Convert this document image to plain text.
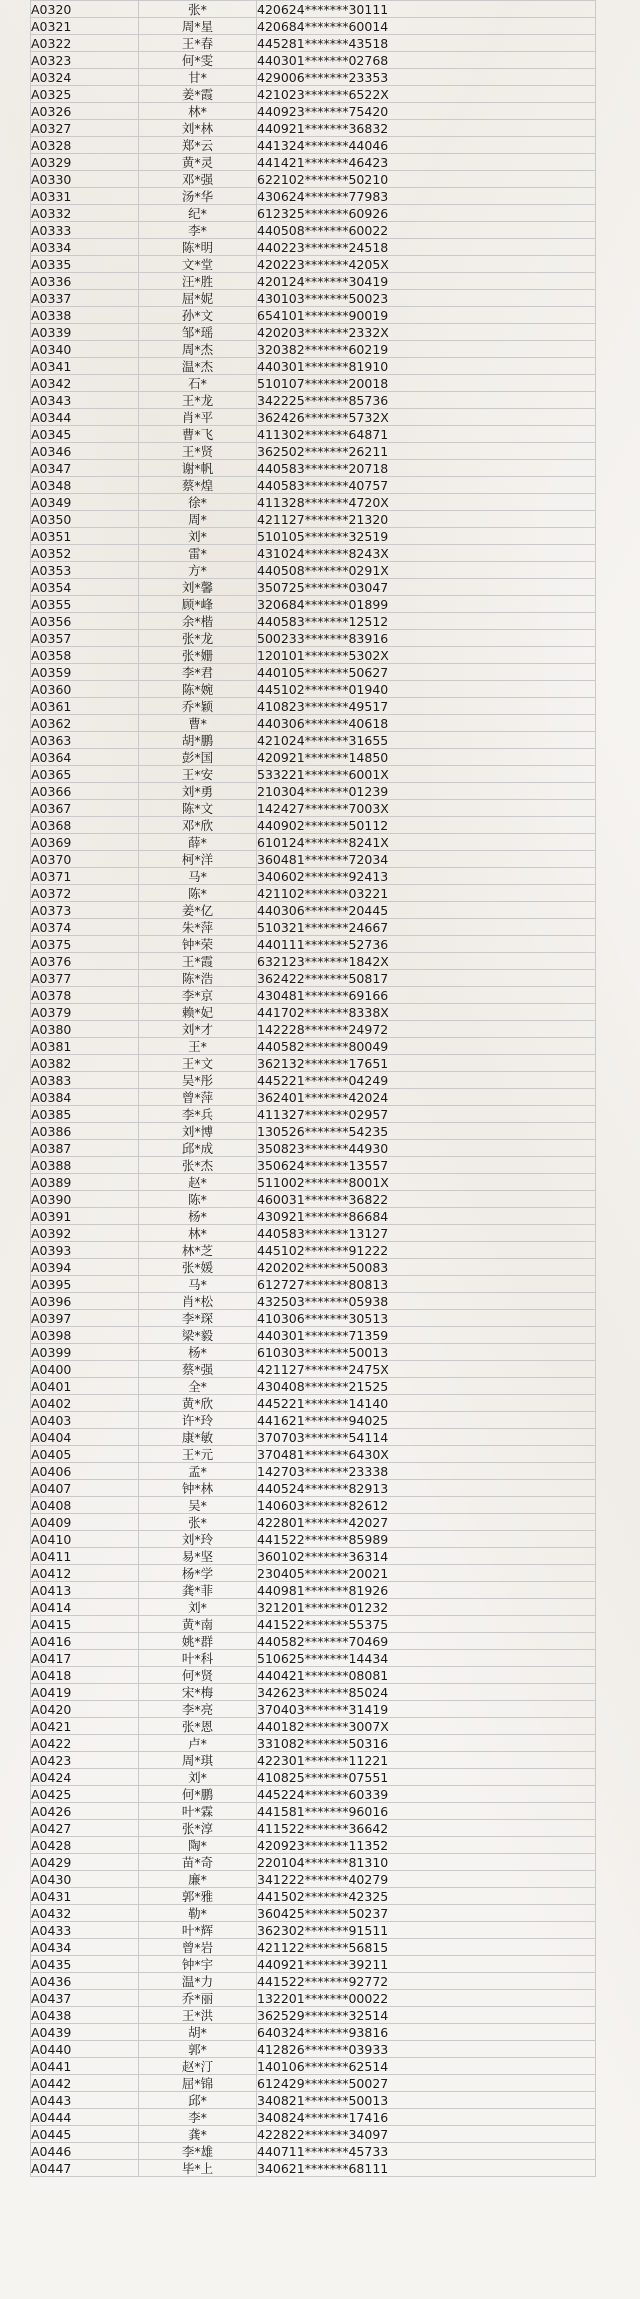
A0320	张*	420624*******30111
A0321	周*星	420684*******60014
A0322	王*春	445281*******43518
A0323	何*雯	440301*******02768
A0324	甘*	429006*******23353
A0325	姜*霞	421023*******6522X
A0326	林*	440923*******75420
A0327	刘*林	440921*******36832
A0328	郑*云	441324*******44046
A0329	黄*灵	441421*******46423
A0330	邓*强	622102*******50210
A0331	汤*华	430624*******77983
A0332	纪*	612325*******60926
A0333	李*	440508*******60022
A0334	陈*明	440223*******24518
A0335	文*堂	420223*******4205X
A0336	汪*胜	420124*******30419
A0337	屈*妮	430103*******50023
A0338	孙*文	654101*******90019
A0339	邹*瑶	420203*******2332X
A0340	周*杰	320382*******60219
A0341	温*杰	440301*******81910
A0342	石*	510107*******20018
A0343	王*龙	342225*******85736
A0344	肖*平	362426*******5732X
A0345	曹*飞	411302*******64871
A0346	王*贤	362502*******26211
A0347	谢*帆	440583*******20718
A0348	蔡*煌	440583*******40757
A0349	徐*	411328*******4720X
A0350	周*	421127*******21320
A0351	刘*	510105*******32519
A0352	雷*	431024*******8243X
A0353	方*	440508*******0291X
A0354	刘*馨	350725*******03047
A0355	顾*峰	320684*******01899
A0356	余*楷	440583*******12512
A0357	张*龙	500233*******83916
A0358	张*姗	120101*******5302X
A0359	李*君	440105*******50627
A0360	陈*婉	445102*******01940
A0361	乔*颖	410823*******49517
A0362	曹*	440306*******40618
A0363	胡*鹏	421024*******31655
A0364	彭*国	420921*******14850
A0365	王*安	533221*******6001X
A0366	刘*勇	210304*******01239
A0367	陈*文	142427*******7003X
A0368	邓*欣	440902*******50112
A0369	薛*	610124*******8241X
A0370	柯*洋	360481*******72034
A0371	马*	340602*******92413
A0372	陈*	421102*******03221
A0373	姜*亿	440306*******20445
A0374	朱*萍	510321*******24667
A0375	钟*荣	440111*******52736
A0376	王*霞	632123*******1842X
A0377	陈*浩	362422*******50817
A0378	李*京	430481*******69166
A0379	赖*妃	441702*******8338X
A0380	刘*才	142228*******24972
A0381	王*	440582*******80049
A0382	王*文	362132*******17651
A0383	吴*彤	445221*******04249
A0384	曾*萍	362401*******42024
A0385	李*兵	411327*******02957
A0386	刘*博	130526*******54235
A0387	邱*成	350823*******44930
A0388	张*杰	350624*******13557
A0389	赵*	511002*******8001X
A0390	陈*	460031*******36822
A0391	杨*	430921*******86684
A0392	林*	440583*******13127
A0393	林*芝	445102*******91222
A0394	张*媛	420202*******50083
A0395	马*	612727*******80813
A0396	肖*松	432503*******05938
A0397	李*琛	410306*******30513
A0398	梁*毅	440301*******71359
A0399	杨*	610303*******50013
A0400	蔡*强	421127*******2475X
A0401	全*	430408*******21525
A0402	黄*欣	445221*******14140
A0403	许*玲	441621*******94025
A0404	康*敏	370703*******54114
A0405	王*元	370481*******6430X
A0406	孟*	142703*******23338
A0407	钟*林	440524*******82913
A0408	吴*	140603*******82612
A0409	张*	422801*******42027
A0410	刘*玲	441522*******85989
A0411	易*坚	360102*******36314
A0412	杨*学	230405*******20021
A0413	龚*菲	440981*******81926
A0414	刘*	321201*******01232
A0415	黄*南	441522*******55375
A0416	姚*群	440582*******70469
A0417	叶*科	510625*******14434
A0418	何*贤	440421*******08081
A0419	宋*梅	342623*******85024
A0420	李*亮	370403*******31419
A0421	张*恩	440182*******3007X
A0422	卢*	331082*******50316
A0423	周*琪	422301*******11221
A0424	刘*	410825*******07551
A0425	何*鹏	445224*******60339
A0426	叶*霖	441581*******96016
A0427	张*淳	411522*******36642
A0428	陶*	420923*******11352
A0429	苗*奇	220104*******81310
A0430	廉*	341222*******40279
A0431	郭*雅	441502*******42325
A0432	勒*	360425*******50237
A0433	叶*辉	362302*******91511
A0434	曾*岩	421122*******56815
A0435	钟*宇	440921*******39211
A0436	温*力	441522*******92772
A0437	乔*丽	132201*******00022
A0438	王*洪	362529*******32514
A0439	胡*	640324*******93816
A0440	郭*	412826*******03933
A0441	赵*汀	140106*******62514
A0442	屈*锦	612429*******50027
A0443	邱*	340821*******50013
A0444	李*	340824*******17416
A0445	龚*	422822*******34097
A0446	李*雄	440711*******45733
A0447	毕*上	340621*******68111
